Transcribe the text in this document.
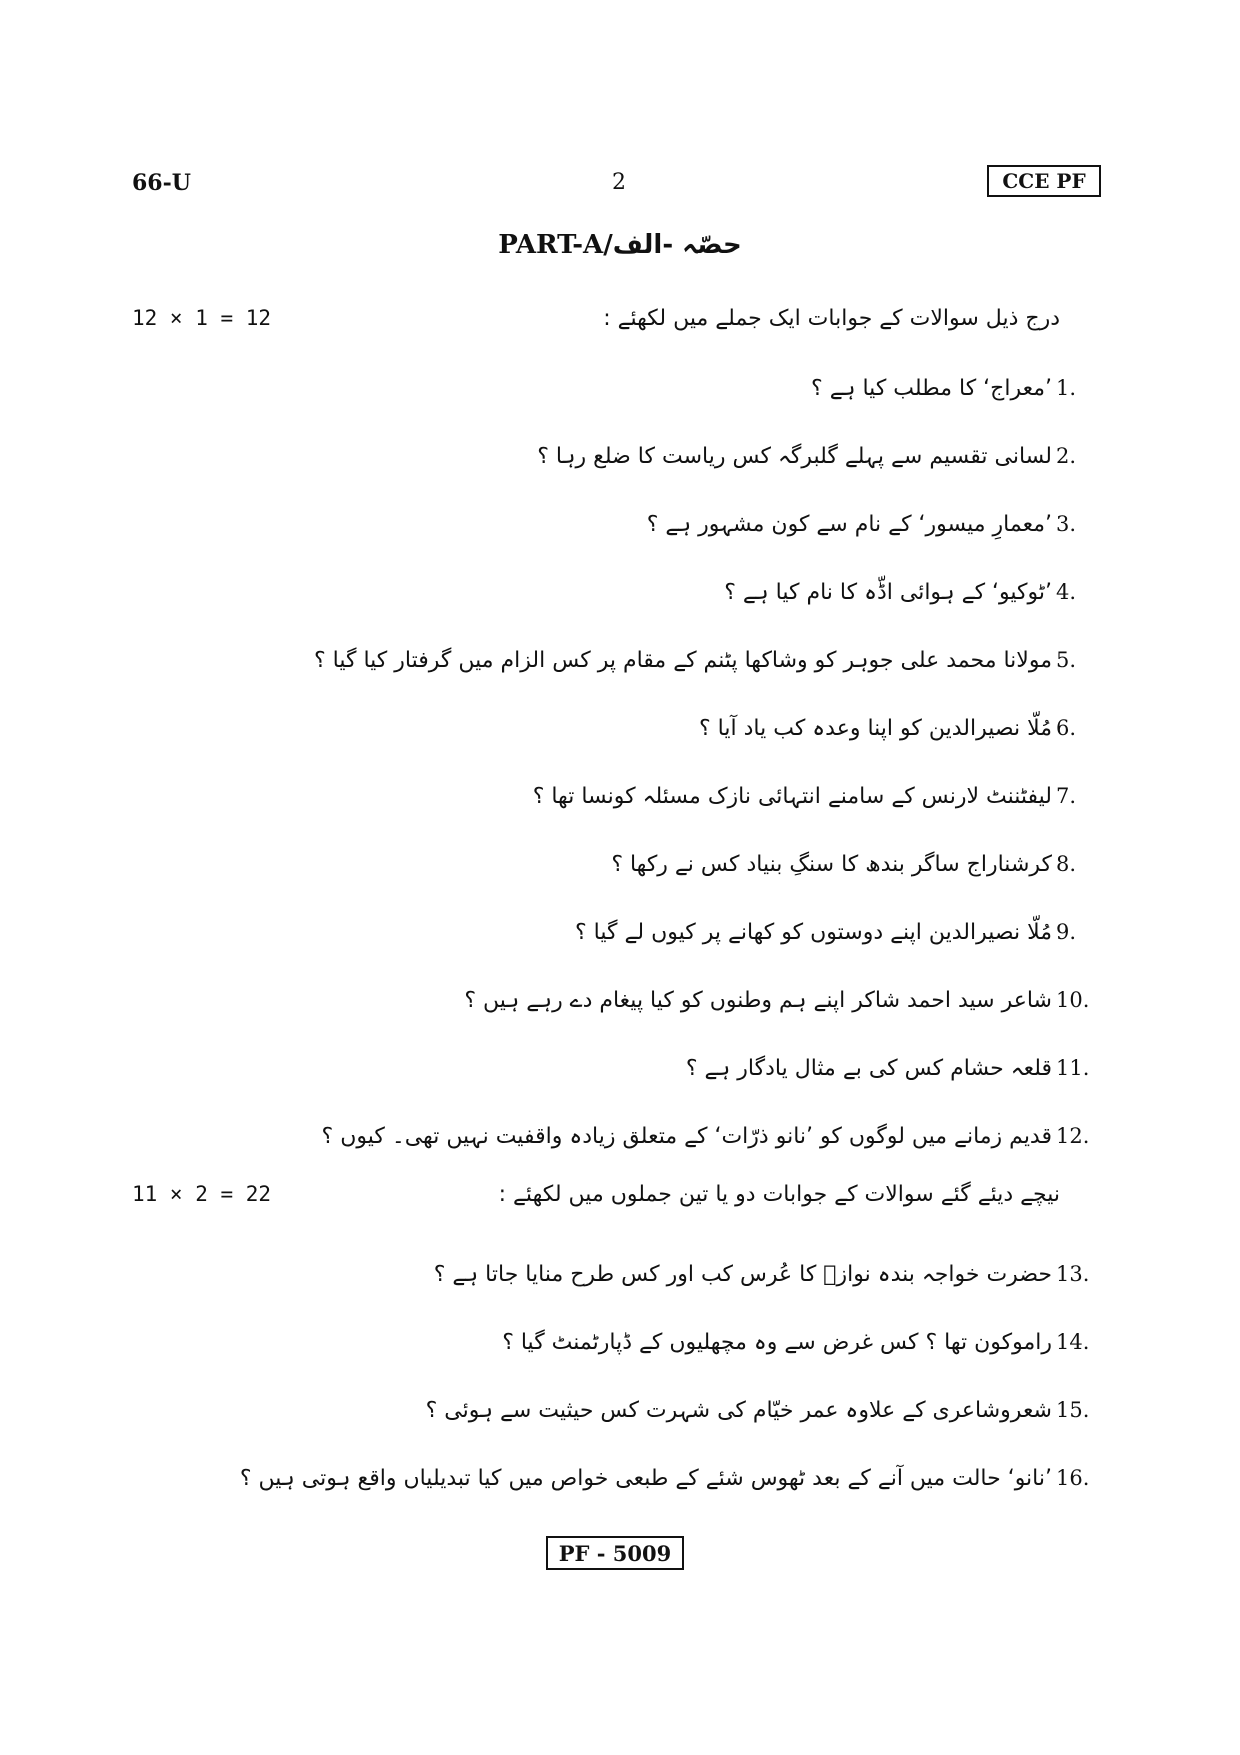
66-U	2	CCE PF
PART-A/حصّہ -الف
12 × 1 = 12	درج ذیل سوالات کے جوابات ایک جملے میں لکھئے :
1.
’معراج‘ کا مطلب کیا ہے ؟
2.
لسانی تقسیم سے پہلے گلبرگہ کس ریاست کا ضلع رہا ؟
3.
’معمارِ میسور‘ کے نام سے کون مشہور ہے ؟
4.
’ٹوکیو‘ کے ہوائی اڈّہ کا نام کیا ہے ؟
5.
مولانا محمد علی جوہر کو وشاکھا پٹنم کے مقام پر کس الزام میں گرفتار کیا گیا ؟
6.
مُلّا نصیرالدین کو اپنا وعدہ کب یاد آیا ؟
7.
لیفٹننٹ لارنس کے سامنے انتہائی نازک مسئلہ کونسا تھا ؟
8.
کرشناراج ساگر بندھ کا سنگِ بنیاد کس نے رکھا ؟
9.
مُلّا نصیرالدین اپنے دوستوں کو کھانے پر کیوں لے گیا ؟
10.
شاعر سید احمد شاکر اپنے ہم وطنوں کو کیا پیغام دے رہے ہیں ؟
11.
قلعہ حشام کس کی بے مثال یادگار ہے ؟
12.
قدیم زمانے میں لوگوں کو ’نانو ذرّات‘ کے متعلق زیادہ واقفیت نہیں تھی۔ کیوں ؟
11 × 2 = 22	نیچے دیئے گئے سوالات کے جوابات دو یا تین جملوں میں لکھئے :
13.
حضرت خواجہ بندہ نوازؒ کا عُرس کب اور کس طرح منایا جاتا ہے ؟
14.
راموکون تھا ؟ کس غرض سے وہ مچھلیوں کے ڈپارٹمنٹ گیا ؟
15.
شعروشاعری کے علاوہ عمر خیّام کی شہرت کس حیثیت سے ہوئی ؟
16.
’نانو‘ حالت میں آنے کے بعد ٹھوس شئے کے طبعی خواص میں کیا تبدیلیاں واقع ہوتی ہیں ؟
PF - 5009
